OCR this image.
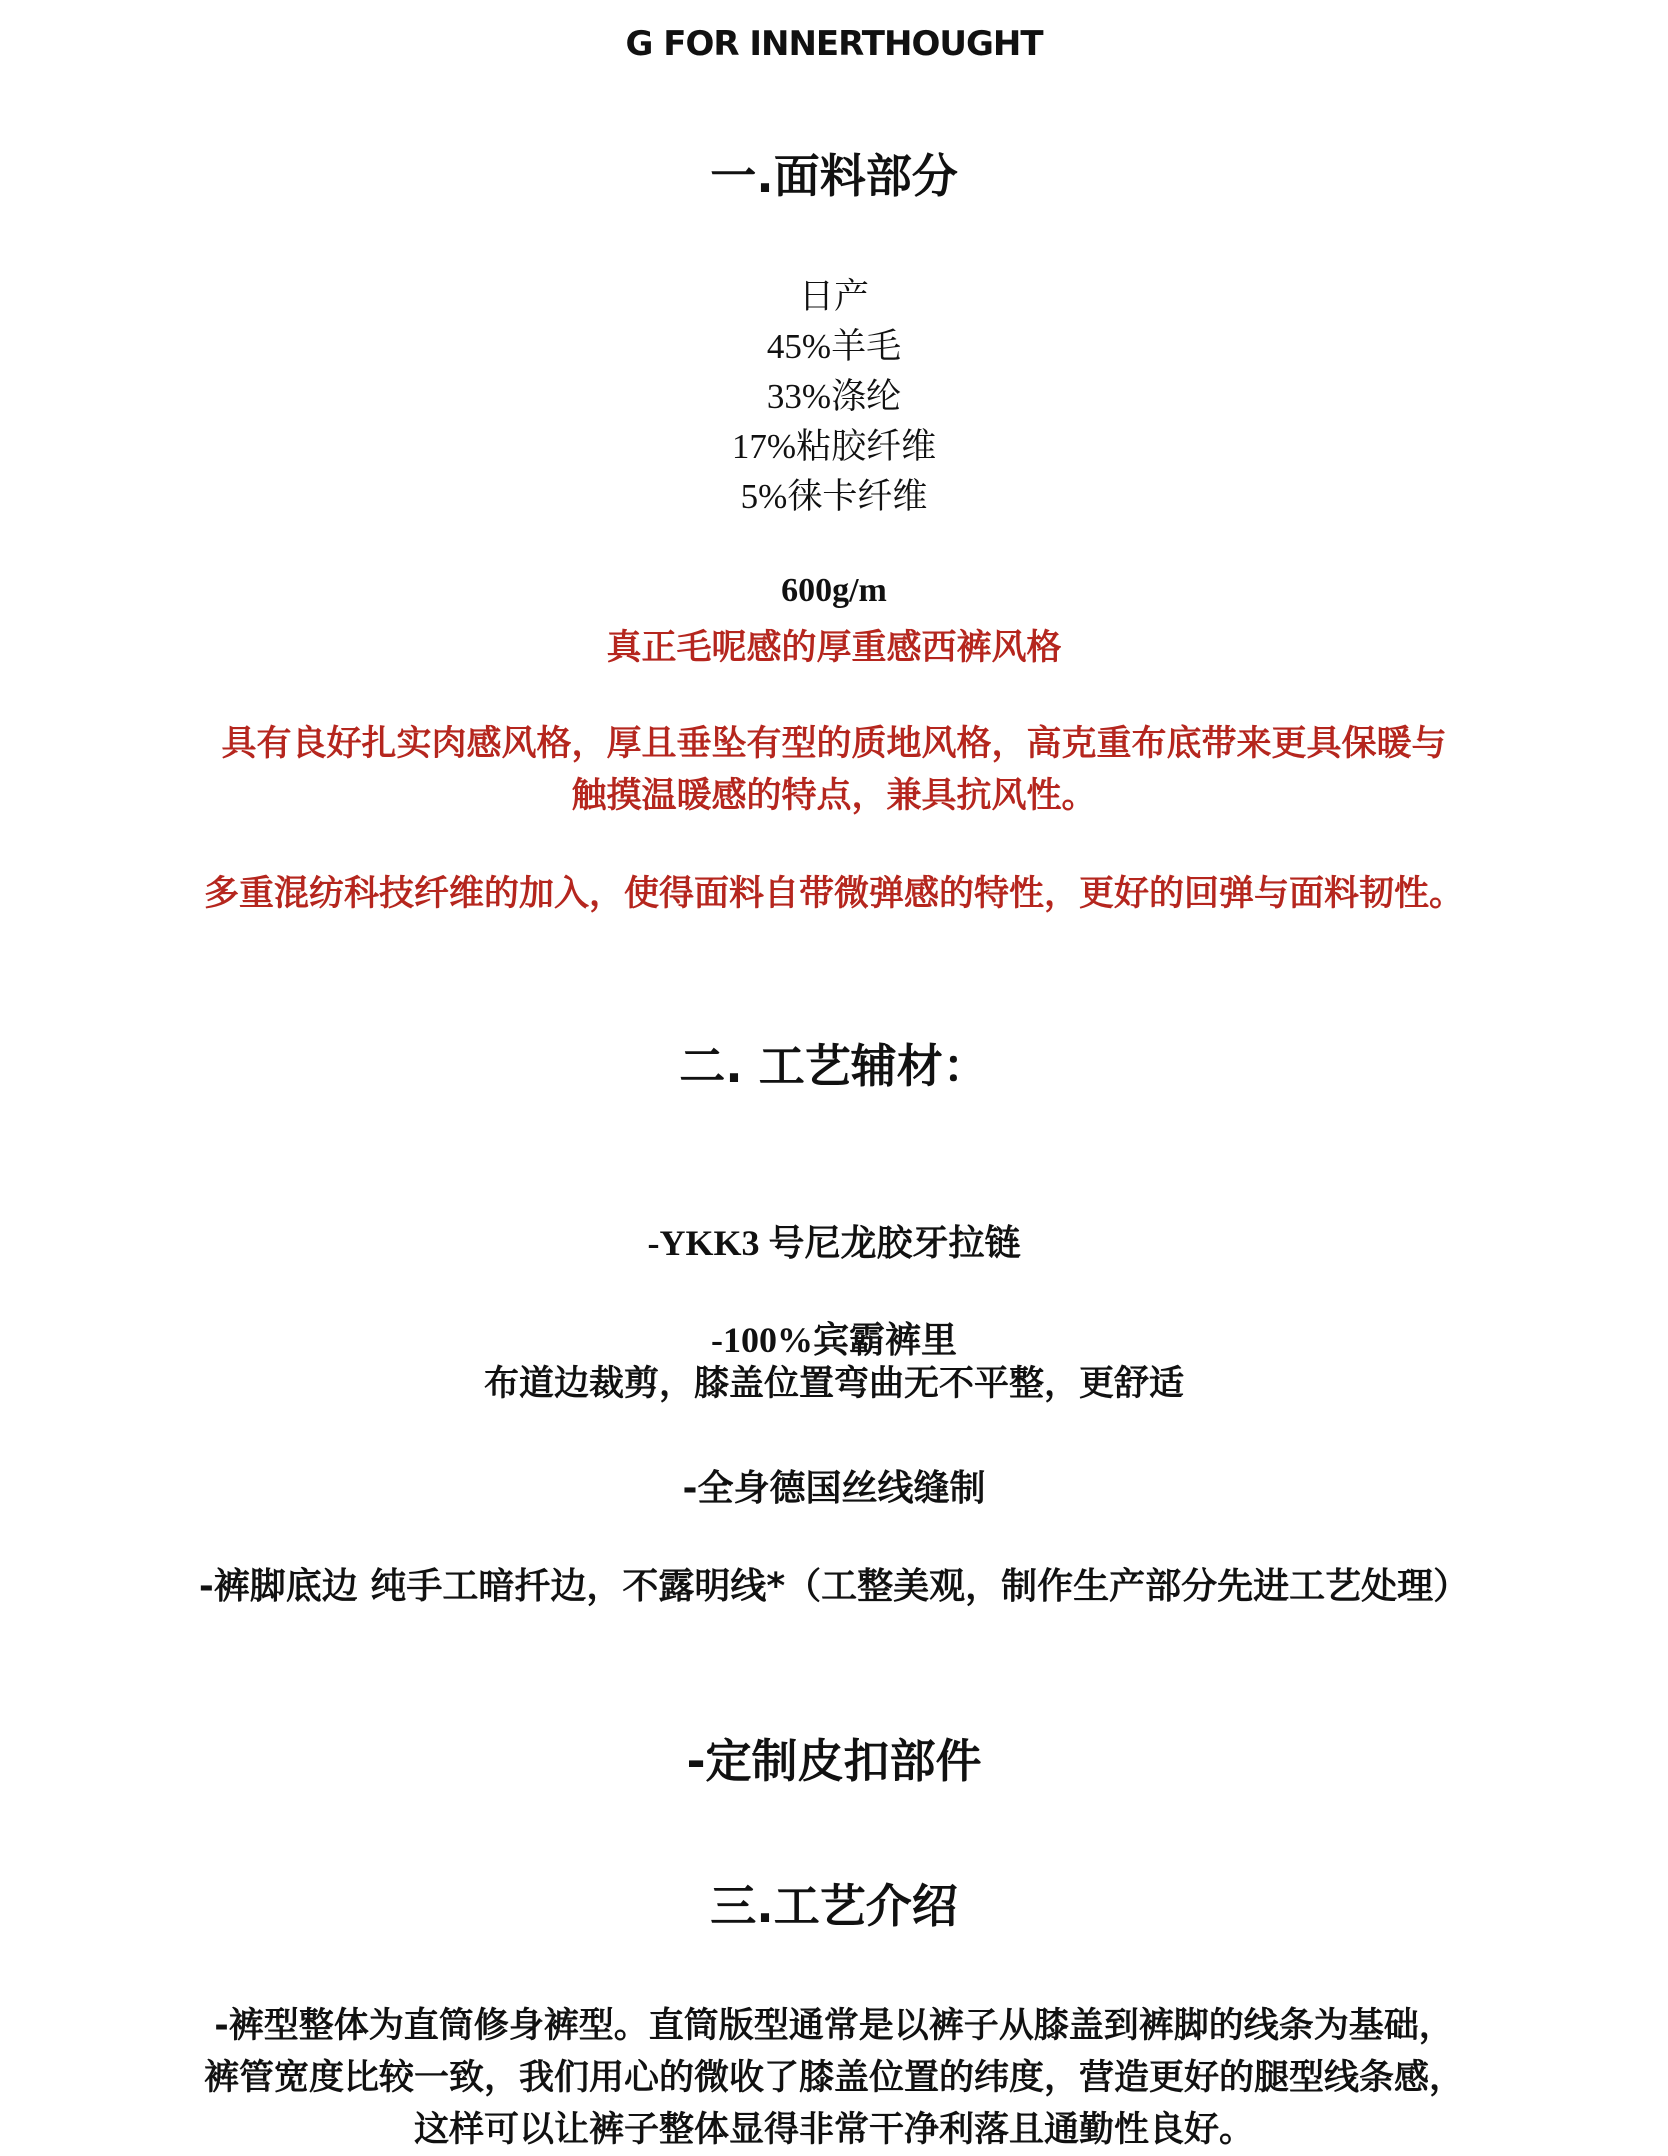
G FOR INNERTHOUGHT
一.面料部分
日产
45%羊毛
33%涤纶
17%粘胶纤维
5%徕卡纤维
600g/m
真正毛呢感的厚重感西裤风格
具有良好扎实肉感风格，厚且垂坠有型的质地风格，高克重布底带来更具保暖与
触摸温暖感的特点，兼具抗风性。
多重混纺科技纤维的加入，使得面料自带微弹感的特性，更好的回弹与面料韧性。
二. 工艺辅材：
-YKK3 号尼龙胶牙拉链
-100%宾霸裤里
布道边裁剪，膝盖位置弯曲无不平整，更舒适
-全身德国丝线缝制
-裤脚底边 纯手工暗扦边，不露明线*（工整美观，制作生产部分先进工艺处理）
-定制皮扣部件
三.工艺介绍
-裤型整体为直筒修身裤型。直筒版型通常是以裤子从膝盖到裤脚的线条为基础，
裤管宽度比较一致，我们用心的微收了膝盖位置的纬度，营造更好的腿型线条感，
这样可以让裤子整体显得非常干净利落且通勤性良好。
